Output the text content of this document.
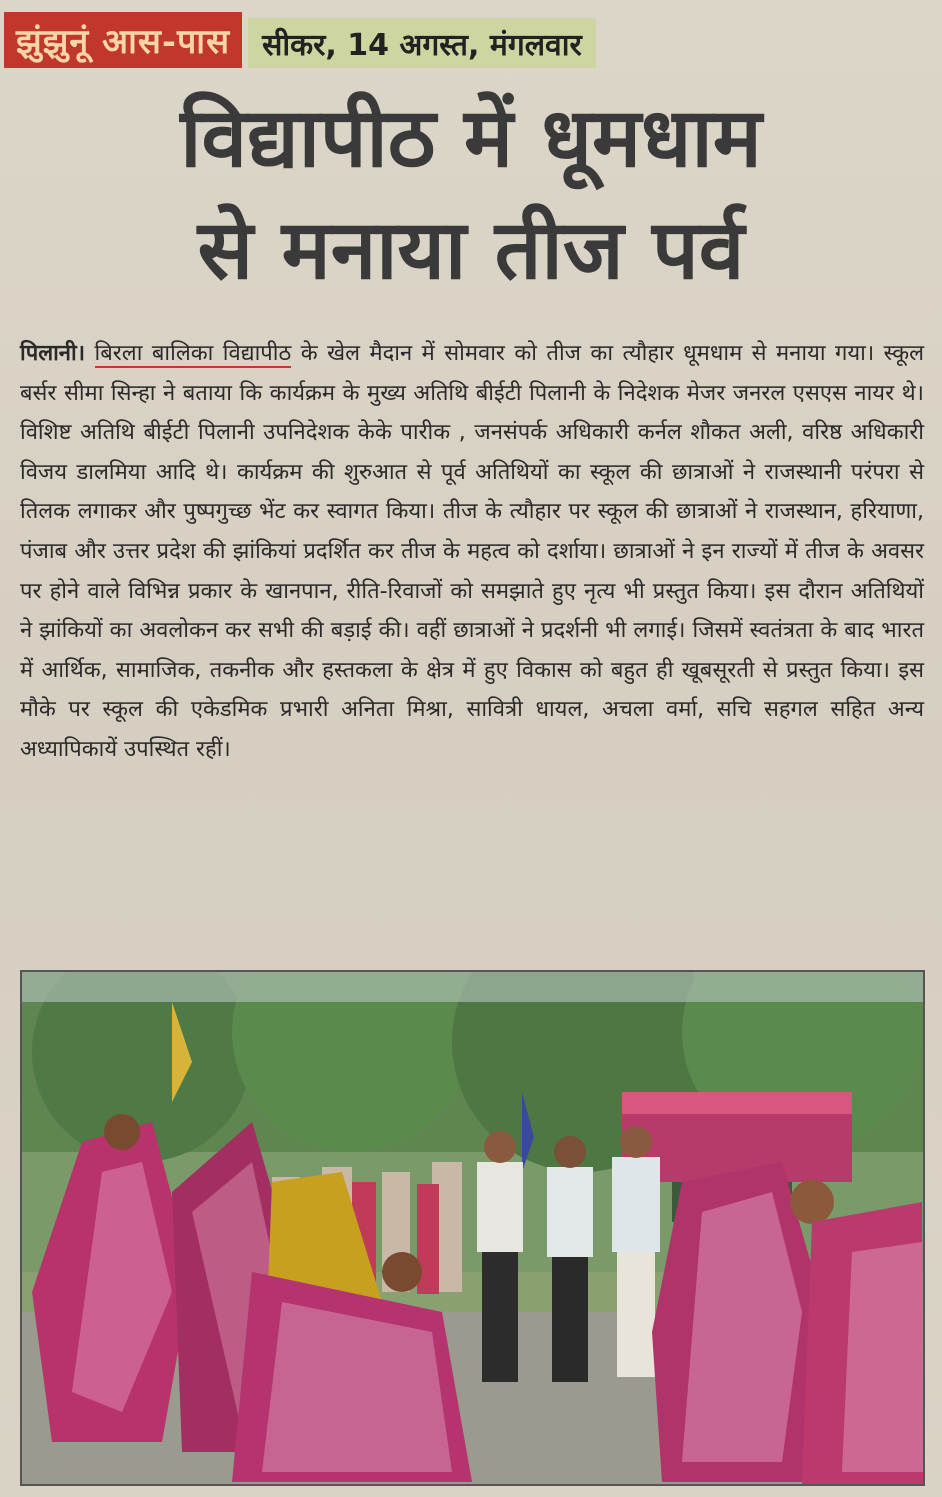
झुंझुनूं आस-पास	सीकर, 14 अगस्त, मंगलवार
विद्यापीठ में धूमधाम
से मनाया तीज पर्व

पिलानी। बिरला बालिका विद्यापीठ के खेल मैदान में सोमवार को तीज का त्यौहार धूमधाम से मनाया गया। स्कूल बर्सर सीमा सिन्हा ने बताया कि कार्यक्रम के मुख्य अतिथि बीईटी पिलानी के निदेशक मेजर जनरल एसएस नायर थे। विशिष्ट अतिथि बीईटी पिलानी उपनिदेशक केके पारीक , जनसंपर्क अधिकारी कर्नल शौकत अली, वरिष्ठ अधिकारी विजय डालमिया आदि थे। कार्यक्रम की शुरुआत से पूर्व अतिथियों का स्कूल की छात्राओं ने राजस्थानी परंपरा से तिलक लगाकर और पुष्पगुच्छ भेंट कर स्वागत किया। तीज के त्यौहार पर स्कूल की छात्राओं ने राजस्थान, हरियाणा, पंजाब और उत्तर प्रदेश की झांकियां प्रदर्शित कर तीज के महत्व को दर्शाया। छात्राओं ने इन राज्यों में तीज के अवसर पर होने वाले विभिन्न प्रकार के खानपान, रीति-रिवाजों को समझाते हुए नृत्य भी प्रस्तुत किया। इस दौरान अतिथियों ने झांकियों का अवलोकन कर सभी की बड़ाई की। वहीं छात्राओं ने प्रदर्शनी भी लगाई। जिसमें स्वतंत्रता के बाद भारत में आर्थिक, सामाजिक, तकनीक और हस्तकला के क्षेत्र में हुए विकास को बहुत ही खूबसूरती से प्रस्तुत किया। इस मौके पर स्कूल की एकेडमिक प्रभारी अनिता मिश्रा, सावित्री धायल, अचला वर्मा, सचि सहगल सहित अन्य अध्यापिकायें उपस्थित रहीं।
